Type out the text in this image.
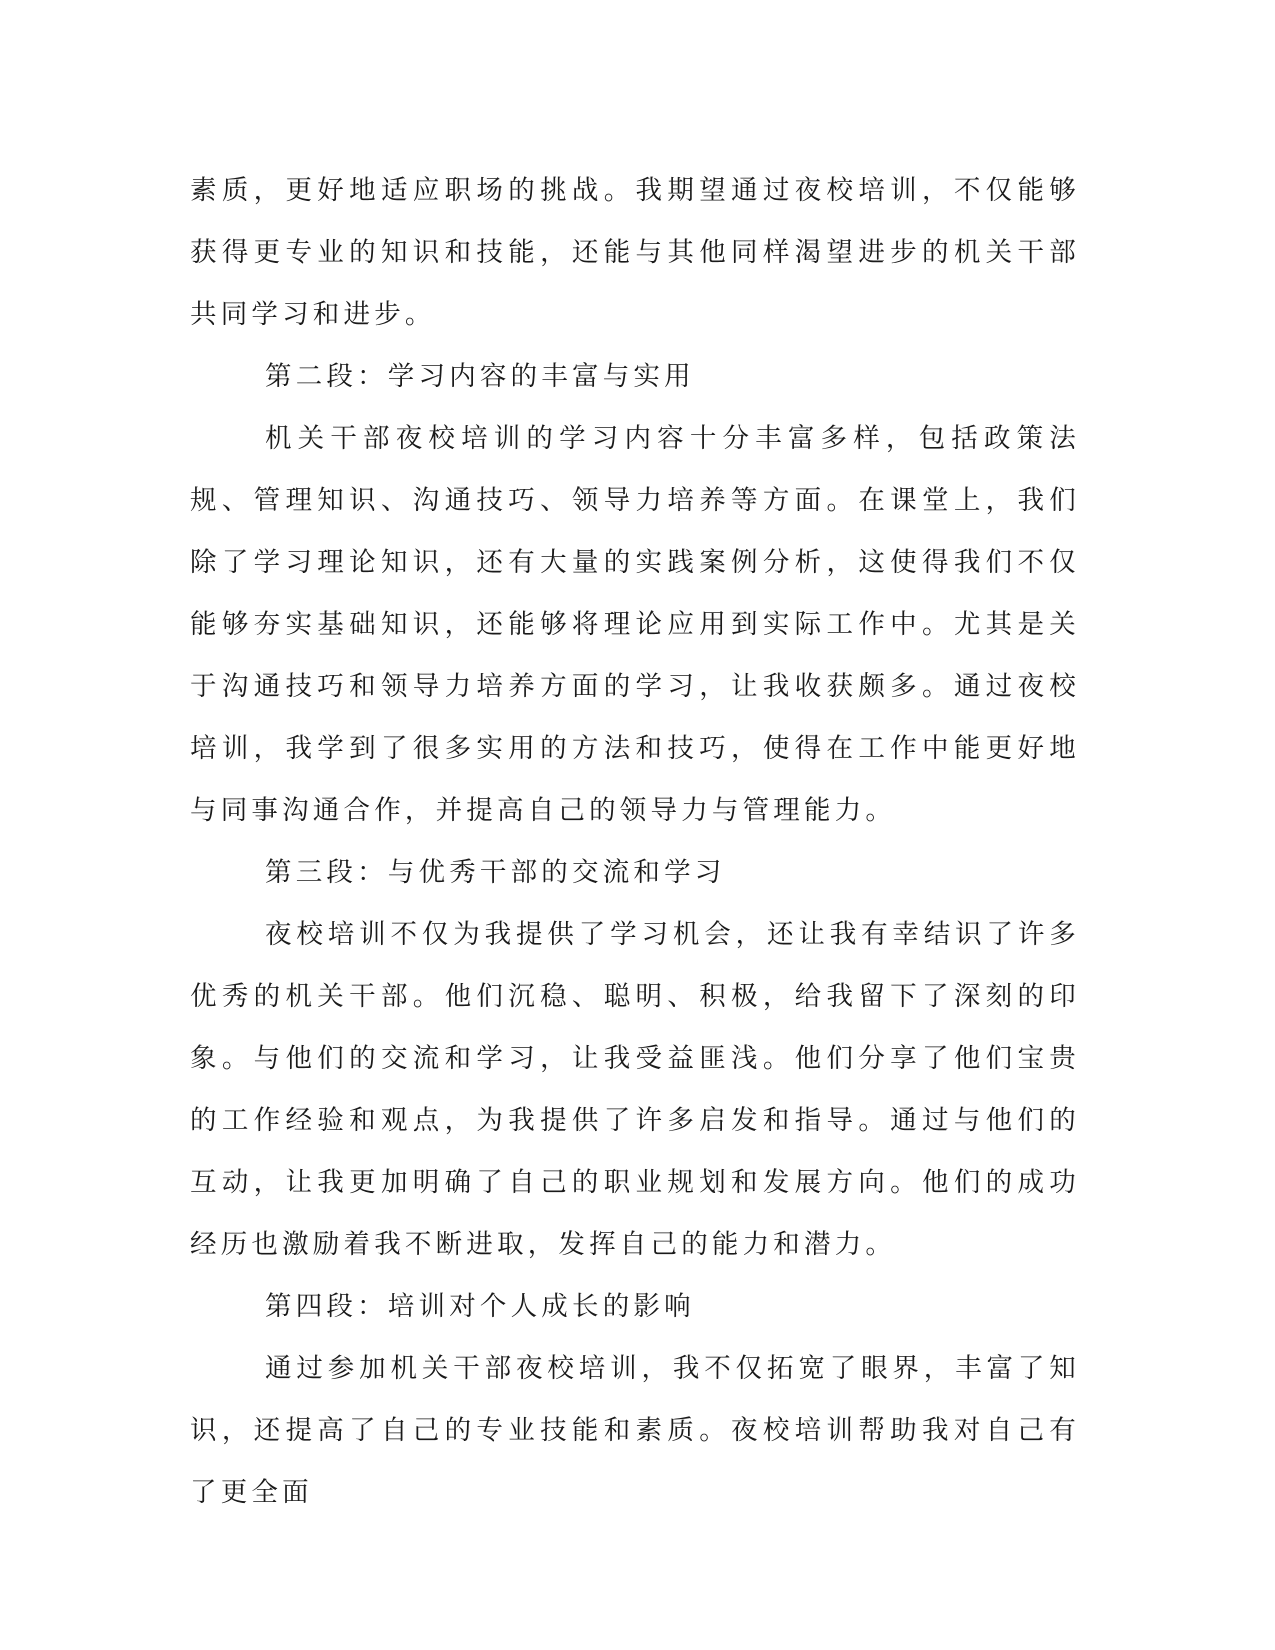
素质，更好地适应职场的挑战。我期望通过夜校培训，不仅能够获得更专业的知识和技能，还能与其他同样渴望进步的机关干部共同学习和进步。

第二段：学习内容的丰富与实用

机关干部夜校培训的学习内容十分丰富多样，包括政策法规、管理知识、沟通技巧、领导力培养等方面。在课堂上，我们除了学习理论知识，还有大量的实践案例分析，这使得我们不仅能够夯实基础知识，还能够将理论应用到实际工作中。尤其是关于沟通技巧和领导力培养方面的学习，让我收获颇多。通过夜校培训，我学到了很多实用的方法和技巧，使得在工作中能更好地与同事沟通合作，并提高自己的领导力与管理能力。

第三段：与优秀干部的交流和学习

夜校培训不仅为我提供了学习机会，还让我有幸结识了许多优秀的机关干部。他们沉稳、聪明、积极，给我留下了深刻的印象。与他们的交流和学习，让我受益匪浅。他们分享了他们宝贵的工作经验和观点，为我提供了许多启发和指导。通过与他们的互动，让我更加明确了自己的职业规划和发展方向。他们的成功经历也激励着我不断进取，发挥自己的能力和潜力。

第四段：培训对个人成长的影响

通过参加机关干部夜校培训，我不仅拓宽了眼界，丰富了知识，还提高了自己的专业技能和素质。夜校培训帮助我对自己有了更全面
